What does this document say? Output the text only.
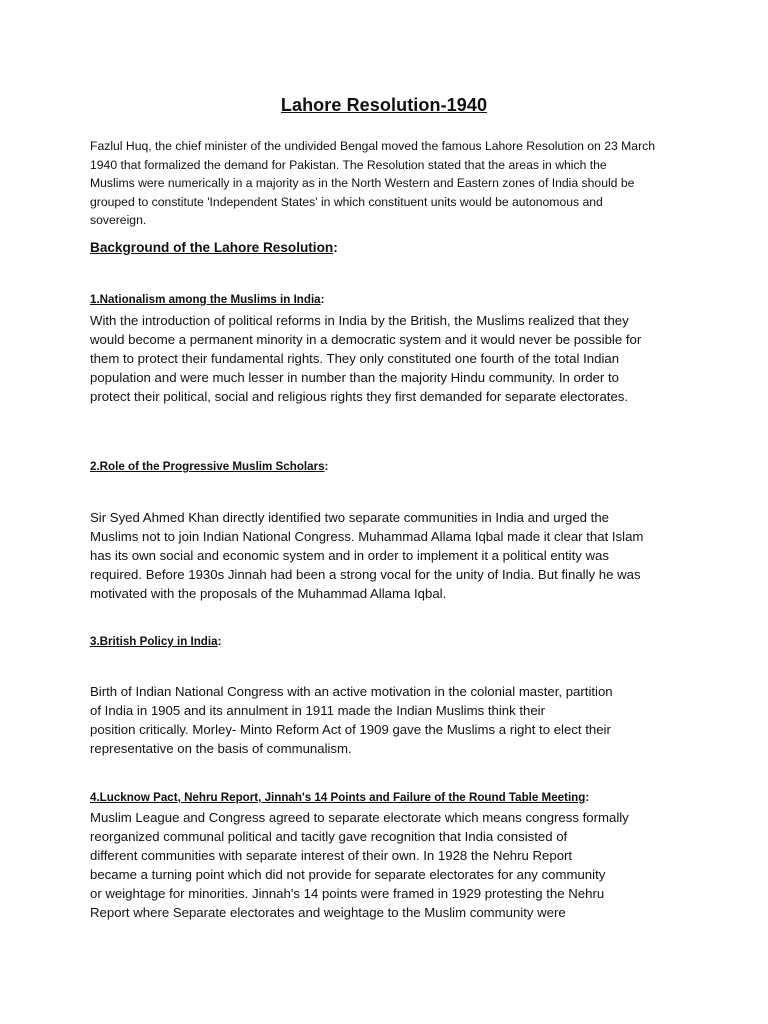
Lahore Resolution-1940
Fazlul Huq, the chief minister of the undivided Bengal moved the famous Lahore Resolution on 23 March
1940 that formalized the demand for Pakistan. The Resolution stated that the areas in which the
Muslims were numerically in a majority as in the North Western and Eastern zones of India should be
grouped to constitute 'Independent States' in which constituent units would be autonomous and
sovereign.
Background of the Lahore Resolution:
1.Nationalism among the Muslims in India:
With the introduction of political reforms in India by the British, the Muslims realized that they
would become a permanent minority in a democratic system and it would never be possible for
them to protect their fundamental rights. They only constituted one fourth of the total Indian
population and were much lesser in number than the majority Hindu community. In order to
protect their political, social and religious rights they first demanded for separate electorates.
2.Role of the Progressive Muslim Scholars:
Sir Syed Ahmed Khan directly identified two separate communities in India and urged the
Muslims not to join Indian National Congress. Muhammad Allama Iqbal made it clear that Islam
has its own social and economic system and in order to implement it a political entity was
required. Before 1930s Jinnah had been a strong vocal for the unity of India. But finally he was
motivated with the proposals of the Muhammad Allama Iqbal.
3.British Policy in India:
Birth of Indian National Congress with an active motivation in the colonial master, partition
of India in 1905 and its annulment in 1911 made the Indian Muslims think their
position critically. Morley- Minto Reform Act of 1909 gave the Muslims a right to elect their
representative on the basis of communalism.
4.Lucknow Pact, Nehru Report, Jinnah's 14 Points and Failure of the Round Table Meeting:
Muslim League and Congress agreed to separate electorate which means congress formally
reorganized communal political and tacitly gave recognition that India consisted of
different communities with separate interest of their own. In 1928 the Nehru Report
became a turning point which did not provide for separate electorates for any community
or weightage for minorities. Jinnah's 14 points were framed in 1929 protesting the Nehru
Report where Separate electorates and weightage to the Muslim community were
